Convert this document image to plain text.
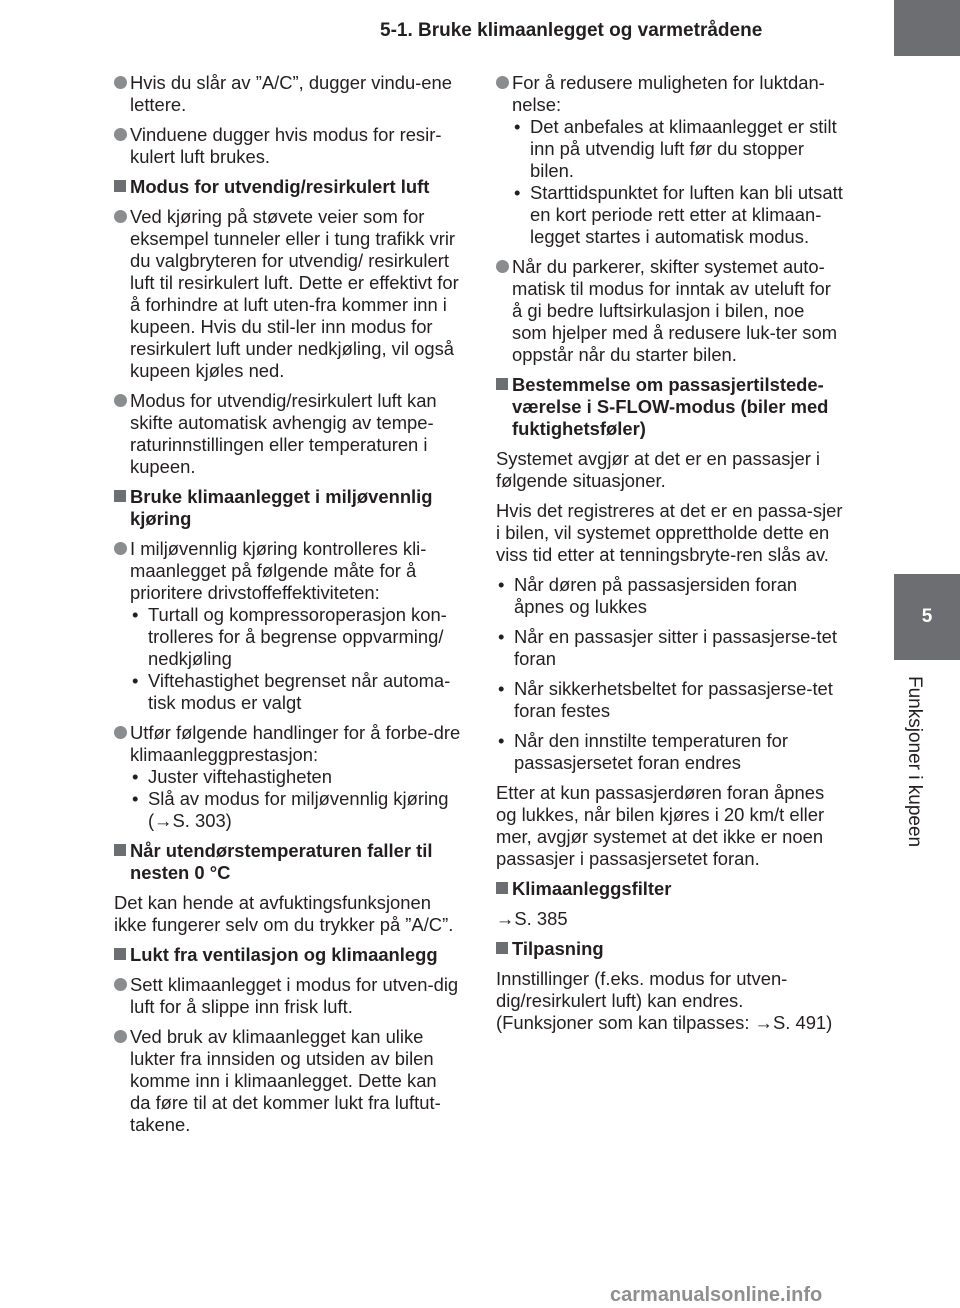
5-1. Bruke klimaanlegget og varmetrådene 327
5
Funksjoner i kupeen
Hvis du slår av ”A/C”, dugger vindu-ene lettere.
Vinduene dugger hvis modus for resir-kulert luft brukes.
Modus for utvendig/resirkulert luft
Ved kjøring på støvete veier som for eksempel tunneler eller i tung trafikk vrir du valgbryteren for utvendig/ resirkulert luft til resirkulert luft. Dette er effektivt for å forhindre at luft uten-fra kommer inn i kupeen. Hvis du stil-ler inn modus for resirkulert luft under nedkjøling, vil også kupeen kjøles ned.
Modus for utvendig/resirkulert luft kan skifte automatisk avhengig av tempe-raturinnstillingen eller temperaturen i kupeen.
Bruke klimaanlegget i miljøvennlig kjøring
I miljøvennlig kjøring kontrolleres kli-maanlegget på følgende måte for å prioritere drivstoffeffektiviteten:
• Turtall og kompressoroperasjon kon-trolleres for å begrense oppvarming/ nedkjøling
• Viftehastighet begrenset når automa-tisk modus er valgt
Utfør følgende handlinger for å forbe-dre klimaanleggprestasjon:
• Juster viftehastigheten
• Slå av modus for miljøvennlig kjøring (→S. 303)
Når utendørstemperaturen faller til nesten 0 °C
Det kan hende at avfuktingsfunksjonen ikke fungerer selv om du trykker på ”A/C”.
Lukt fra ventilasjon og klimaanlegg
Sett klimaanlegget i modus for utven-dig luft for å slippe inn frisk luft.
Ved bruk av klimaanlegget kan ulike lukter fra innsiden og utsiden av bilen komme inn i klimaanlegget. Dette kan da føre til at det kommer lukt fra luftut-takene.
For å redusere muligheten for luktdan-nelse:
• Det anbefales at klimaanlegget er stilt inn på utvendig luft før du stopper bilen.
• Starttidspunktet for luften kan bli utsatt en kort periode rett etter at klimaan-legget startes i automatisk modus.
Når du parkerer, skifter systemet auto-matisk til modus for inntak av uteluft for å gi bedre luftsirkulasjon i bilen, noe som hjelper med å redusere luk-ter som oppstår når du starter bilen.
Bestemmelse om passasjertilstede-værelse i S-FLOW-modus (biler med fuktighetsføler)
Systemet avgjør at det er en passasjer i følgende situasjoner.
Hvis det registreres at det er en passa-sjer i bilen, vil systemet opprettholde dette en viss tid etter at tenningsbryte-ren slås av.
• Når døren på passasjersiden foran åpnes og lukkes
• Når en passasjer sitter i passasjerse-tet foran
• Når sikkerhetsbeltet for passasjerse-tet foran festes
• Når den innstilte temperaturen for passasjersetet foran endres
Etter at kun passasjerdøren foran åpnes og lukkes, når bilen kjøres i 20 km/t eller mer, avgjør systemet at det ikke er noen passasjer i passasjersetet foran.
Klimaanleggsfilter
→S. 385
Tilpasning
Innstillinger (f.eks. modus for utven-dig/resirkulert luft) kan endres. (Funksjoner som kan tilpasses: →S. 491)
carmanualsonline.info
